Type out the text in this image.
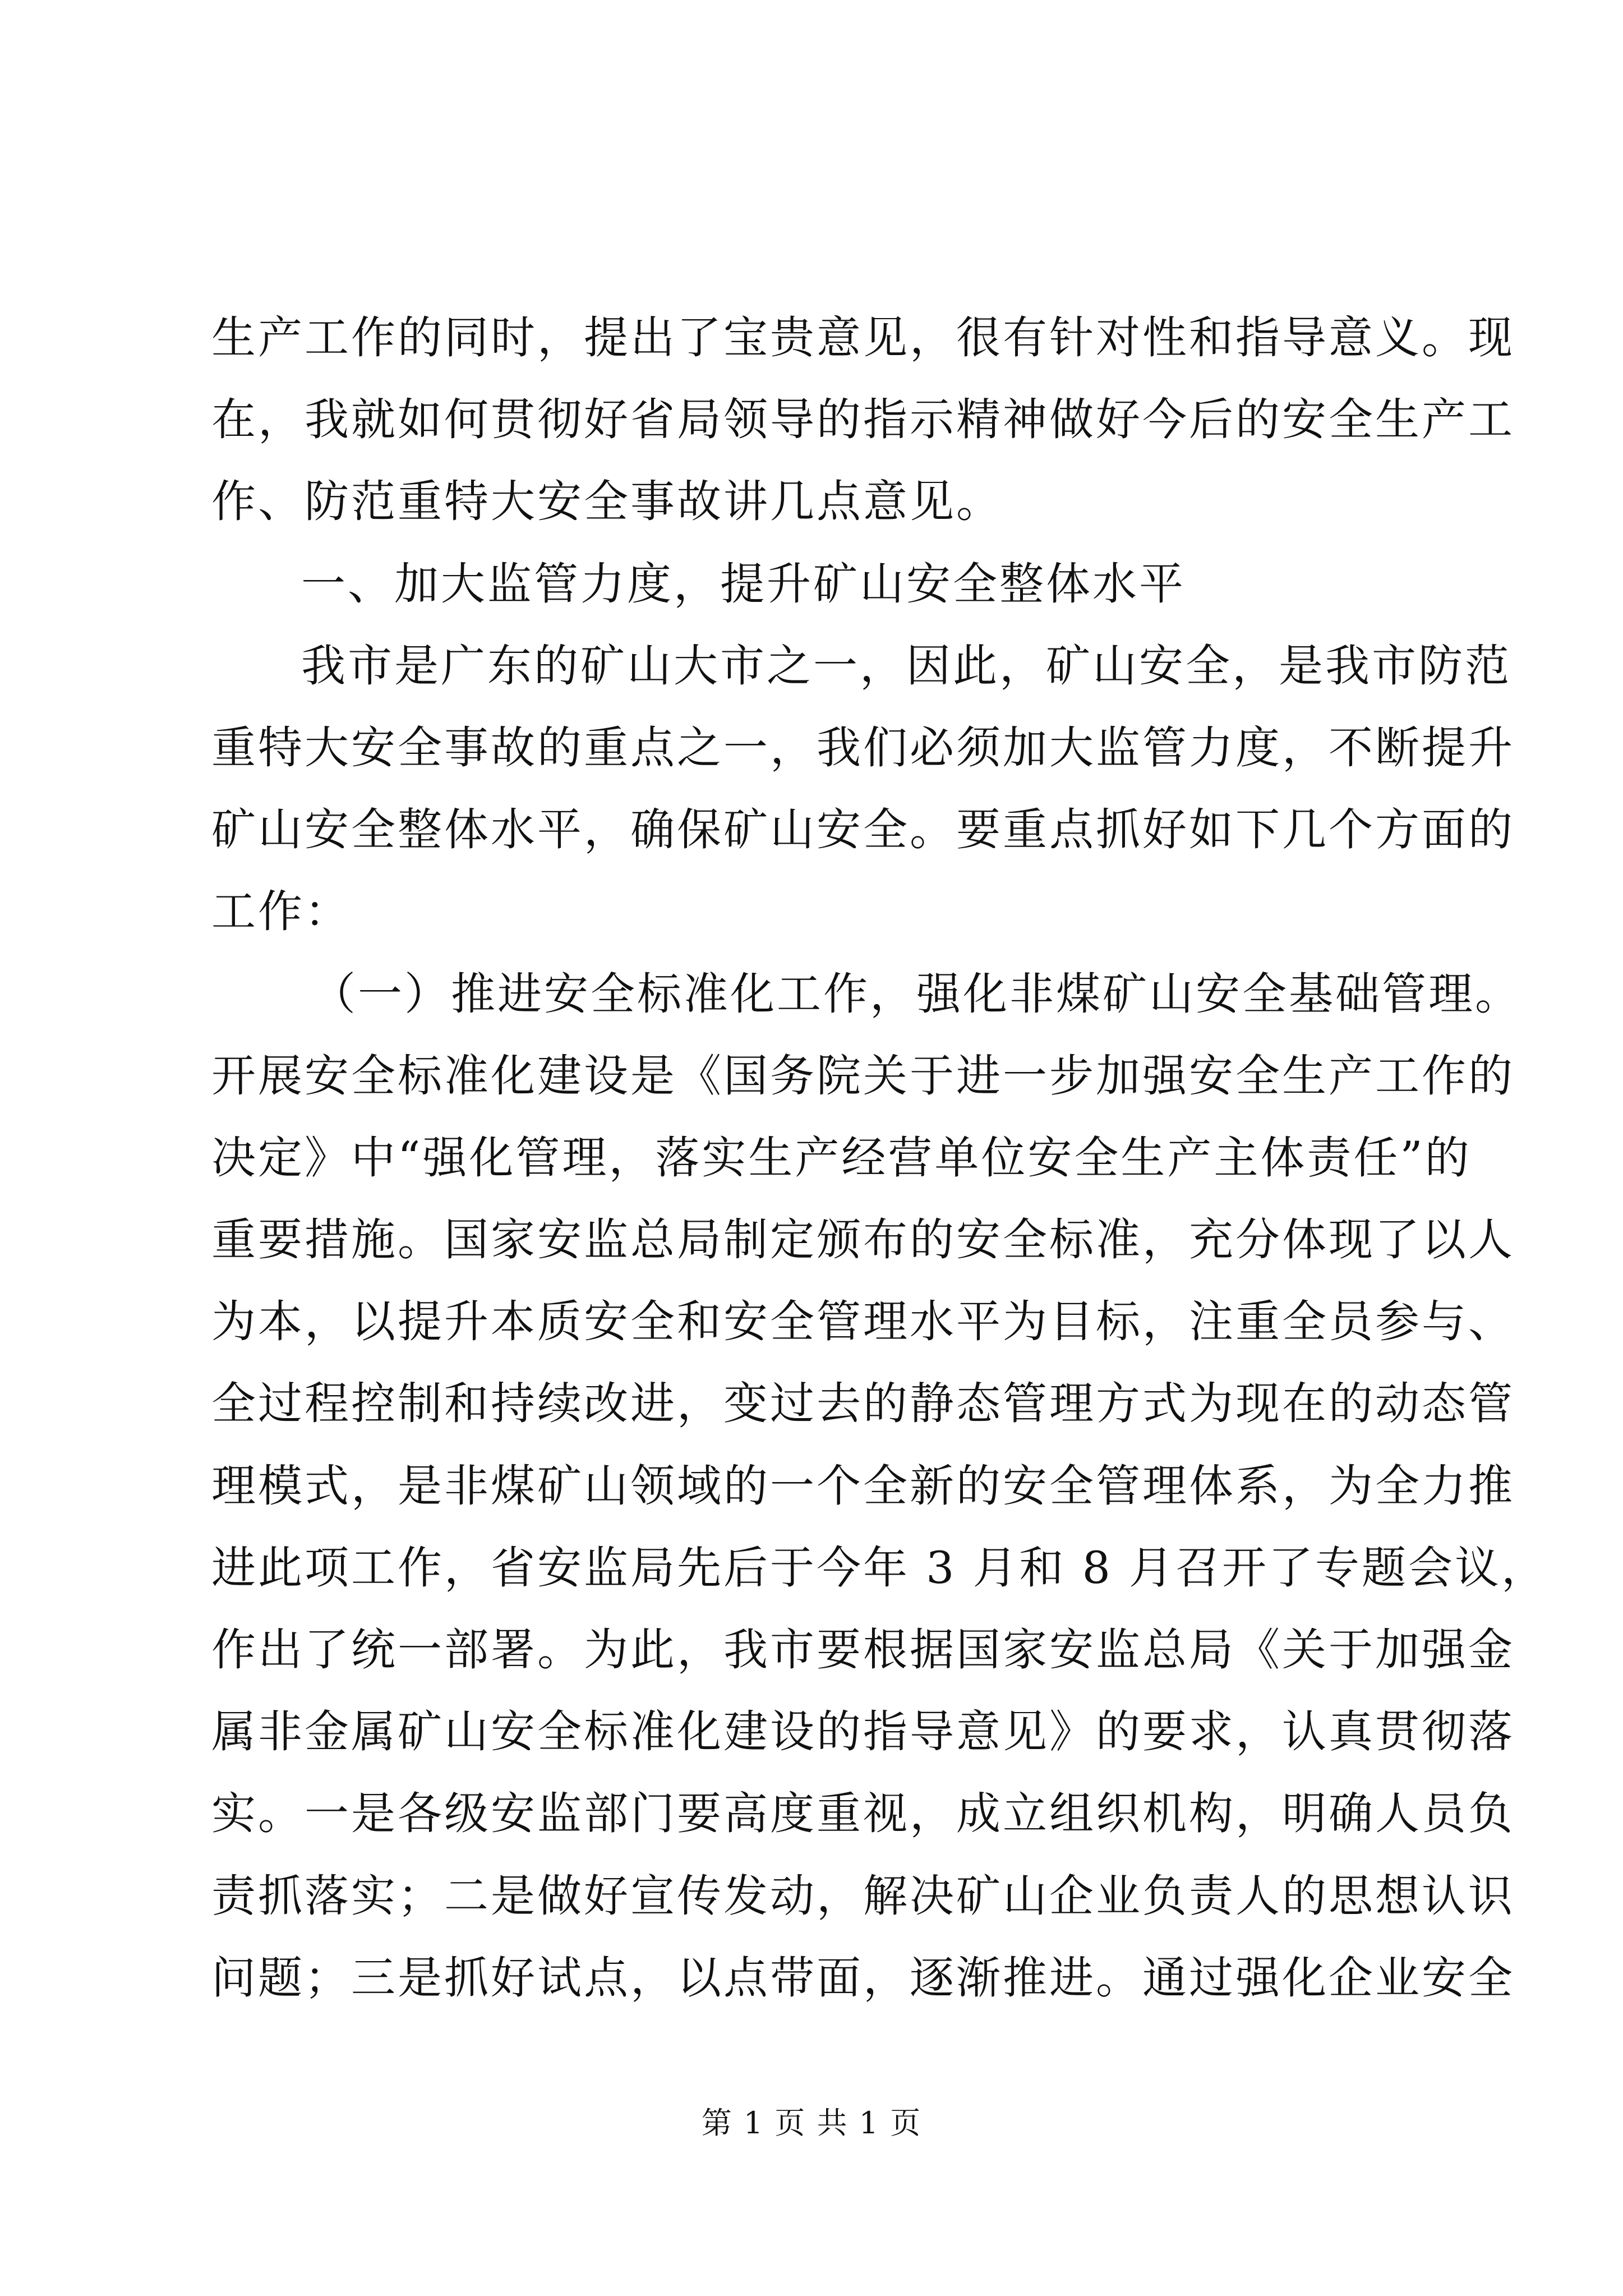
生产工作的同时，提出了宝贵意见，很有针对性和指导意义。现
在，我就如何贯彻好省局领导的指示精神做好今后的安全生产工
作、防范重特大安全事故讲几点意见。
一、加大监管力度，提升矿山安全整体水平
我市是广东的矿山大市之一，因此，矿山安全，是我市防范
重特大安全事故的重点之一，我们必须加大监管力度，不断提升
矿山安全整体水平，确保矿山安全。要重点抓好如下几个方面的
工作：
（一）推进安全标准化工作，强化非煤矿山安全基础管理。
开展安全标准化建设是《国务院关于进一步加强安全生产工作的
决定》中“强化管理，落实生产经营单位安全生产主体责任”的
重要措施。国家安监总局制定颁布的安全标准，充分体现了以人
为本，以提升本质安全和安全管理水平为目标，注重全员参与、
全过程控制和持续改进，变过去的静态管理方式为现在的动态管
理模式，是非煤矿山领域的一个全新的安全管理体系，为全力推
进此项工作，省安监局先后于今年 3 月和 8 月召开了专题会议，
作出了统一部署。为此，我市要根据国家安监总局《关于加强金
属非金属矿山安全标准化建设的指导意见》的要求，认真贯彻落
实。一是各级安监部门要高度重视，成立组织机构，明确人员负
责抓落实；二是做好宣传发动，解决矿山企业负责人的思想认识
问题；三是抓好试点，以点带面，逐渐推进。通过强化企业安全
第 1 页 共 1 页
